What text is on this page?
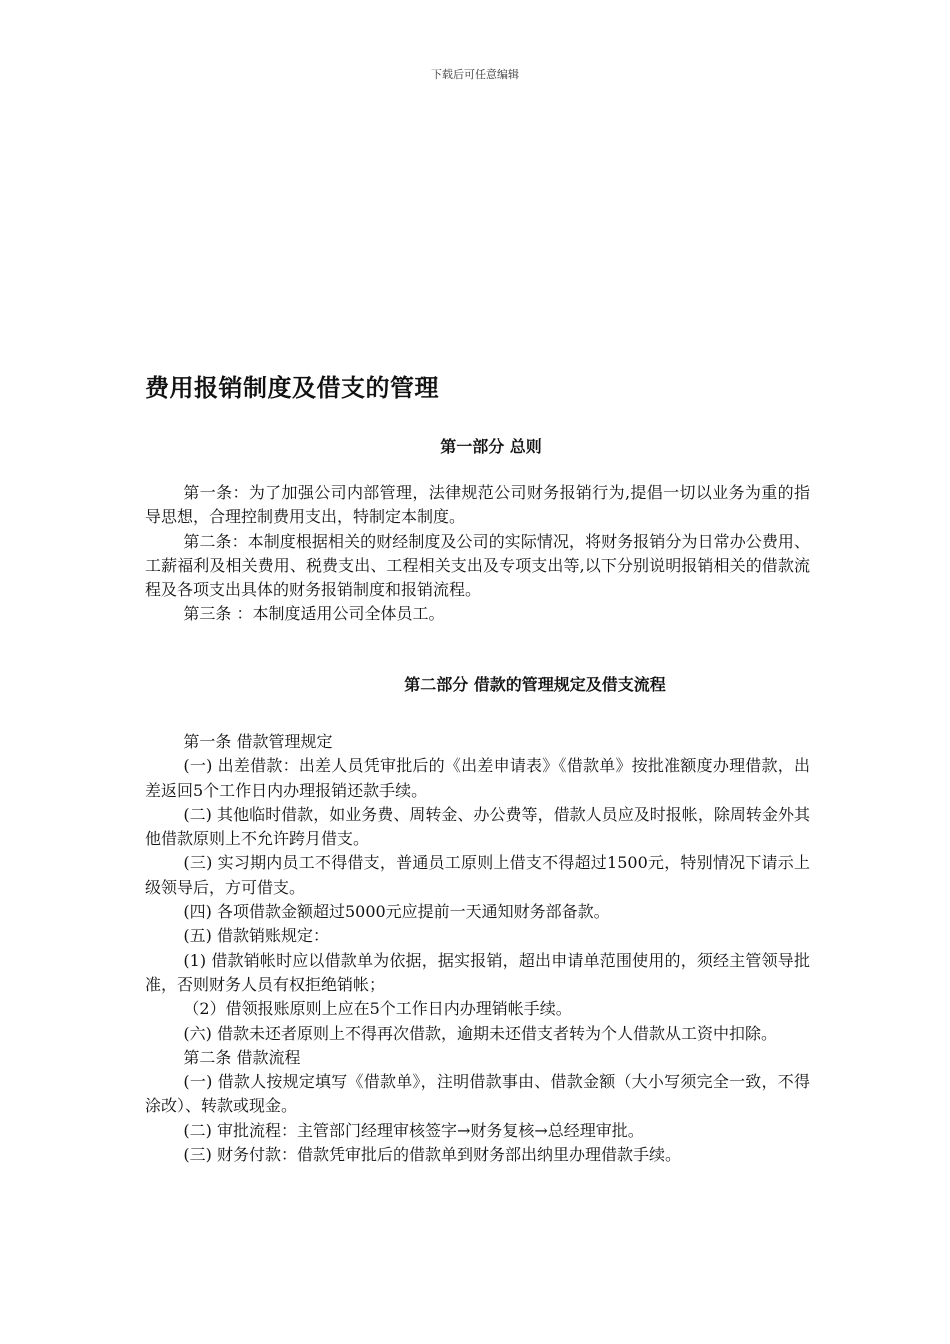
下载后可任意编辑
费用报销制度及借支的管理
第一部分 总则

第一条：为了加强公司内部管理，法律规范公司财务报销行为,提倡一切以业务为重的指导思想，合理控制费用支出，特制定本制度。

第二条：本制度根据相关的财经制度及公司的实际情况，将财务报销分为日常办公费用、工薪福利及相关费用、税费支出、工程相关支出及专项支出等,以下分别说明报销相关的借款流程及各项支出具体的财务报销制度和报销流程。

第三条 ：本制度适用公司全体员工。

第二部分 借款的管理规定及借支流程

第一条 借款管理规定

(一) 出差借款：出差人员凭审批后的《出差申请表》《借款单》按批准额度办理借款，出差返回5个工作日内办理报销还款手续。

(二) 其他临时借款，如业务费、周转金、办公费等，借款人员应及时报帐，除周转金外其他借款原则上不允许跨月借支。

(三) 实习期内员工不得借支，普通员工原则上借支不得超过1500元，特别情况下请示上级领导后，方可借支。

(四) 各项借款金额超过5000元应提前一天通知财务部备款。

(五) 借款销账规定：

(1) 借款销帐时应以借款单为依据，据实报销，超出申请单范围使用的，须经主管领导批准，否则财务人员有权拒绝销帐；

（2）借领报账原则上应在5个工作日内办理销帐手续。

(六) 借款未还者原则上不得再次借款，逾期未还借支者转为个人借款从工资中扣除。

第二条 借款流程

(一) 借款人按规定填写《借款单》，注明借款事由、借款金额（大小写须完全一致，不得涂改）、转款或现金。

(二) 审批流程：主管部门经理审核签字→财务复核→总经理审批。

(三) 财务付款：借款凭审批后的借款单到财务部出纳里办理借款手续。
